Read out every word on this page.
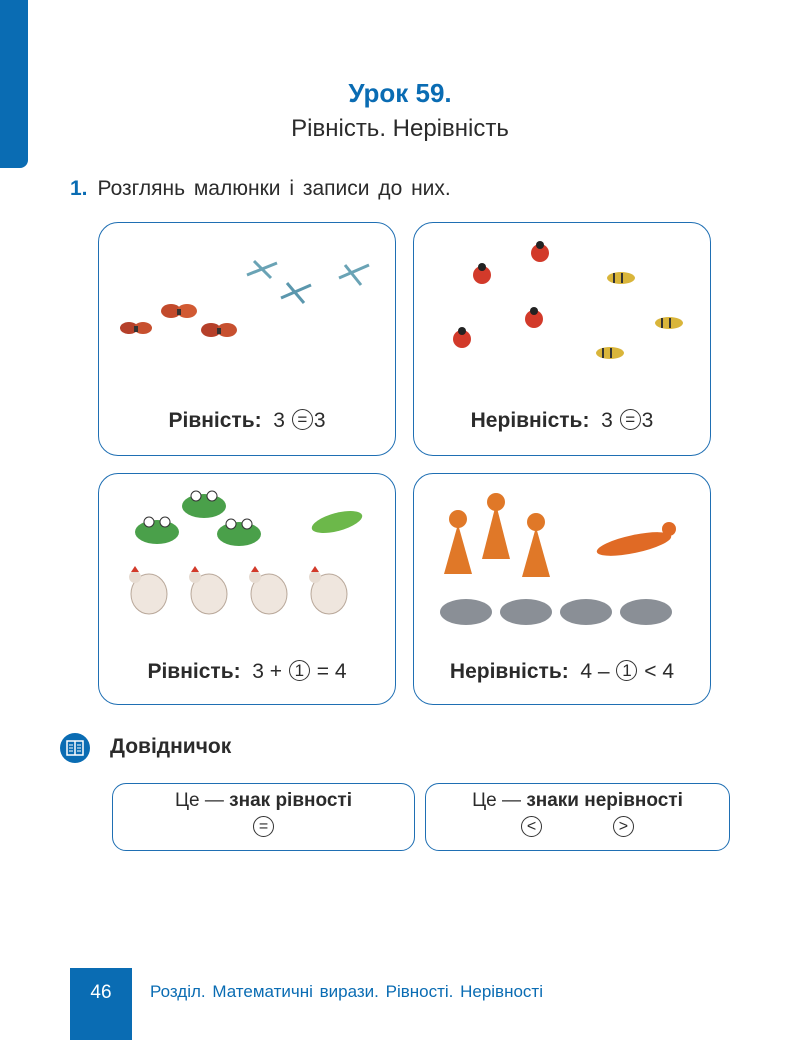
Урок 59.
Рівність. Нерівність
1. Розглянь малюнки і записи до них.
Рівність: 3 = 3	Нерівність: 3 = 3
Рівність: 3 + 1 = 4	Нерівність: 4 – 1 < 4
Довідничок
Це — знак рівності
=
Це — знаки нерівності
<	>
46	Розділ. Математичні вирази. Рівності. Нерівності
